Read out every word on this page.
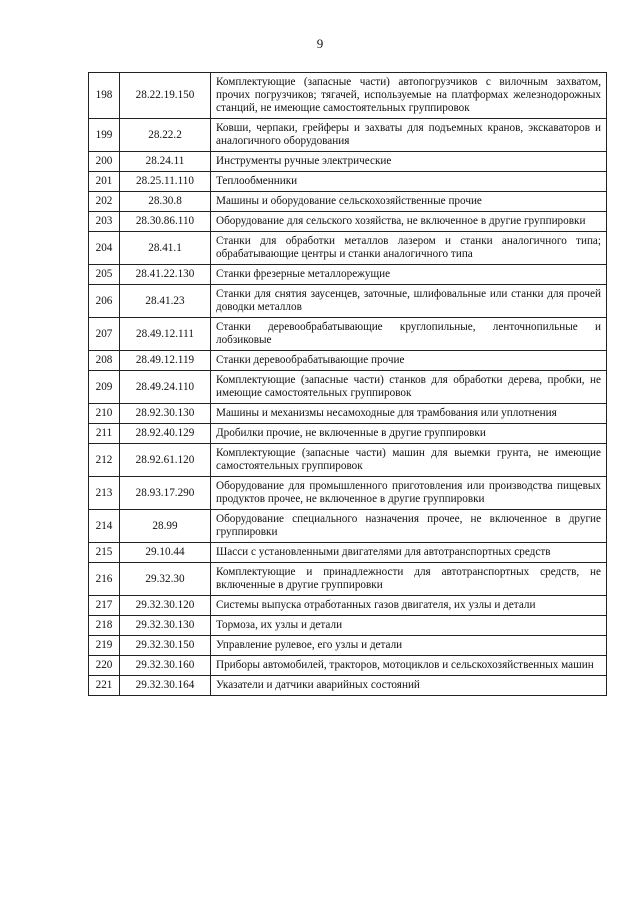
9
198	28.22.19.150	Комплектующие (запасные части) автопогрузчиков с вилочным захватом, прочих погрузчиков; тягачей, используемые на платформах железнодорожных станций, не имеющие самостоятельных группировок
199	28.22.2	Ковши, черпаки, грейферы и захваты для подъемных кранов, экскаваторов и аналогичного оборудования
200	28.24.11	Инструменты ручные электрические
201	28.25.11.110	Теплообменники
202	28.30.8	Машины и оборудование сельскохозяйственные прочие
203	28.30.86.110	Оборудование для сельского хозяйства, не включенное в другие группировки
204	28.41.1	Станки для обработки металлов лазером и станки аналогичного типа; обрабатывающие центры и станки аналогичного типа
205	28.41.22.130	Станки фрезерные металлорежущие
206	28.41.23	Станки для снятия заусенцев, заточные, шлифовальные или станки для прочей доводки металлов
207	28.49.12.111	Станки деревообрабатывающие круглопильные, ленточнопильные и лобзиковые
208	28.49.12.119	Станки деревообрабатывающие прочие
209	28.49.24.110	Комплектующие (запасные части) станков для обработки дерева, пробки, не имеющие самостоятельных группировок
210	28.92.30.130	Машины и механизмы несамоходные для трамбования или уплотнения
211	28.92.40.129	Дробилки прочие, не включенные в другие группировки
212	28.92.61.120	Комплектующие (запасные части) машин для выемки грунта, не имеющие самостоятельных группировок
213	28.93.17.290	Оборудование для промышленного приготовления или производства пищевых продуктов прочее, не включенное в другие группировки
214	28.99	Оборудование специального назначения прочее, не включенное в другие группировки
215	29.10.44	Шасси с установленными двигателями для автотранспортных средств
216	29.32.30	Комплектующие и принадлежности для автотранспортных средств, не включенные в другие группировки
217	29.32.30.120	Системы выпуска отработанных газов двигателя, их узлы и детали
218	29.32.30.130	Тормоза, их узлы и детали
219	29.32.30.150	Управление рулевое, его узлы и детали
220	29.32.30.160	Приборы автомобилей, тракторов, мотоциклов и сельскохозяйственных машин
221	29.32.30.164	Указатели и датчики аварийных состояний
